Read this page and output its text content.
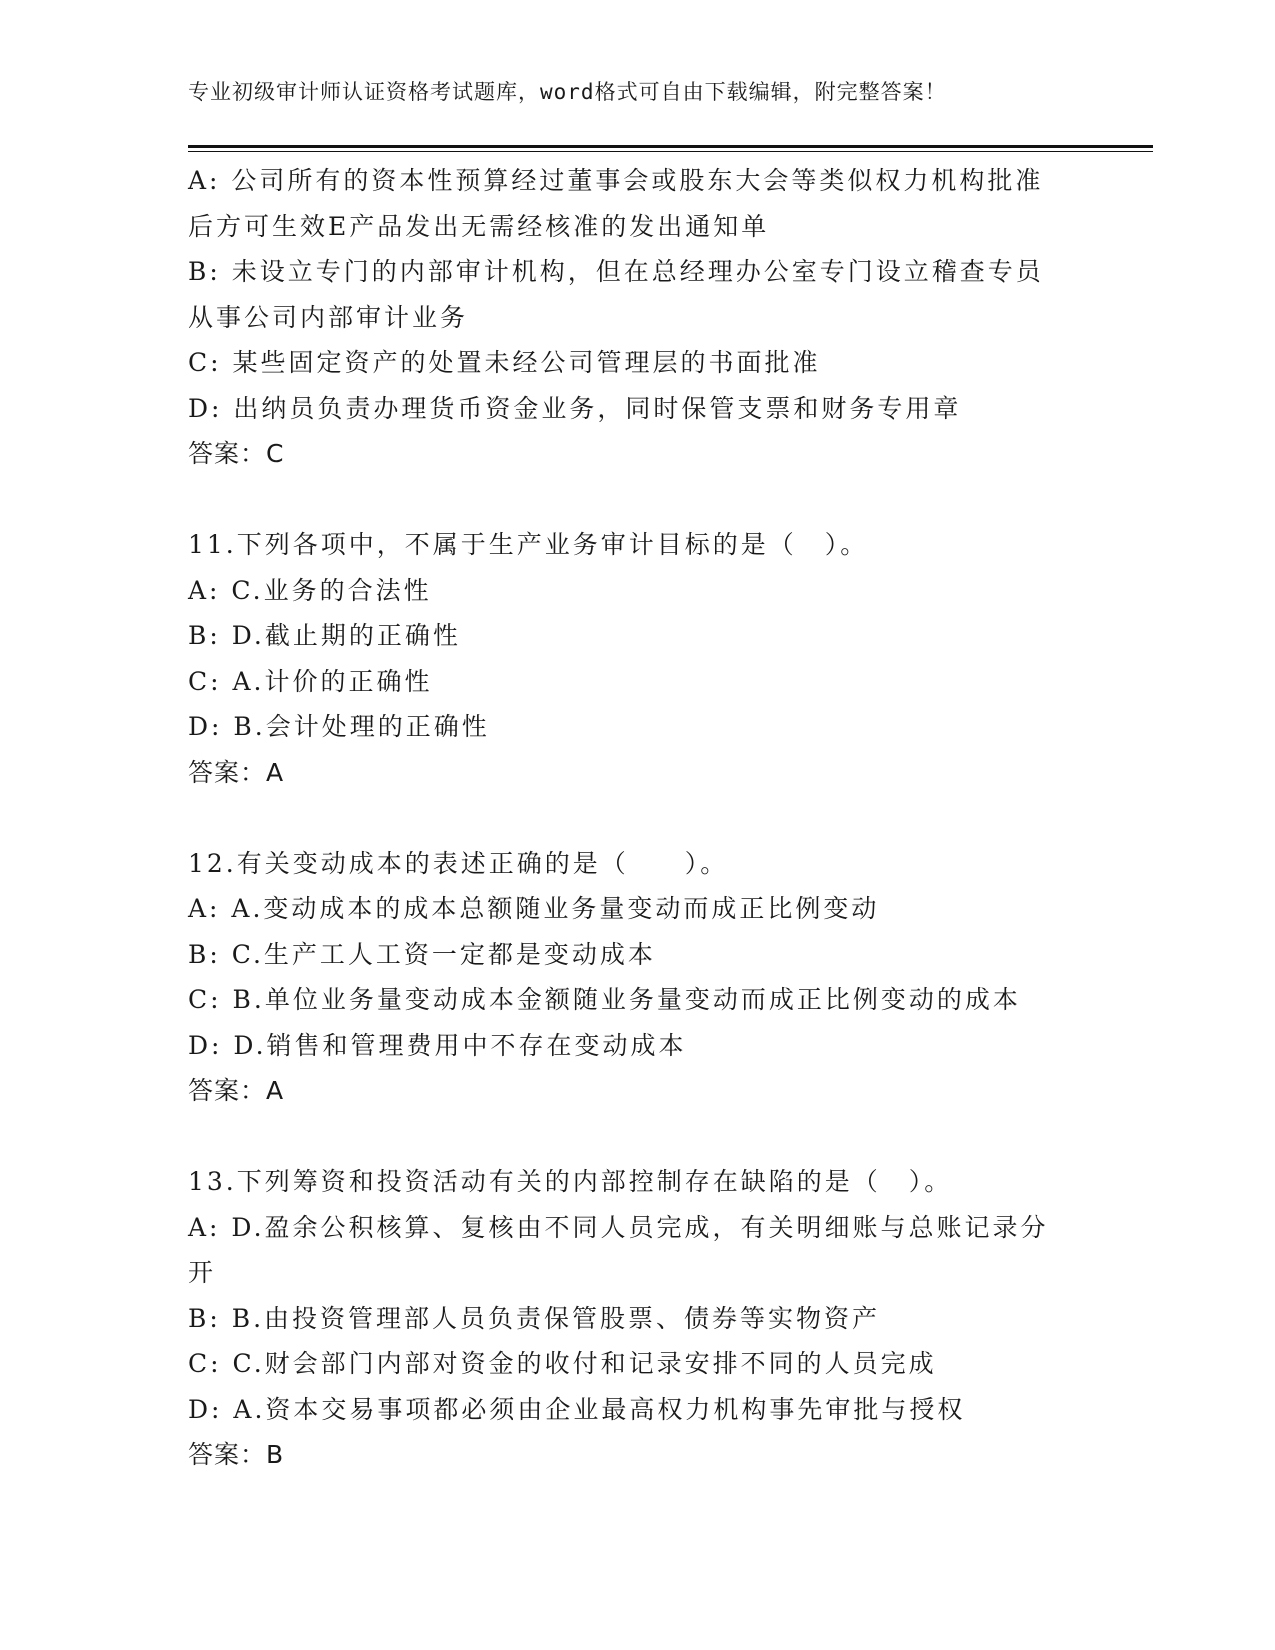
专业初级审计师认证资格考试题库，word格式可自由下载编辑，附完整答案！
A: 公司所有的资本性预算经过董事会或股东大会等类似权力机构批准
后方可生效E产品发出无需经核准的发出通知单
B: 未设立专门的内部审计机构，但在总经理办公室专门设立稽查专员
从事公司内部审计业务
C: 某些固定资产的处置未经公司管理层的书面批准
D: 出纳员负责办理货币资金业务，同时保管支票和财务专用章
答案：C
11.下列各项中，不属于生产业务审计目标的是（　）。
A: C.业务的合法性
B: D.截止期的正确性
C: A.计价的正确性
D: B.会计处理的正确性
答案：A
12.有关变动成本的表述正确的是（　　）。
A: A.变动成本的成本总额随业务量变动而成正比例变动
B: C.生产工人工资一定都是变动成本
C: B.单位业务量变动成本金额随业务量变动而成正比例变动的成本
D: D.销售和管理费用中不存在变动成本
答案：A
13.下列筹资和投资活动有关的内部控制存在缺陷的是（　）。
A: D.盈余公积核算、复核由不同人员完成，有关明细账与总账记录分
开
B: B.由投资管理部人员负责保管股票、债券等实物资产
C: C.财会部门内部对资金的收付和记录安排不同的人员完成
D: A.资本交易事项都必须由企业最高权力机构事先审批与授权
答案：B
